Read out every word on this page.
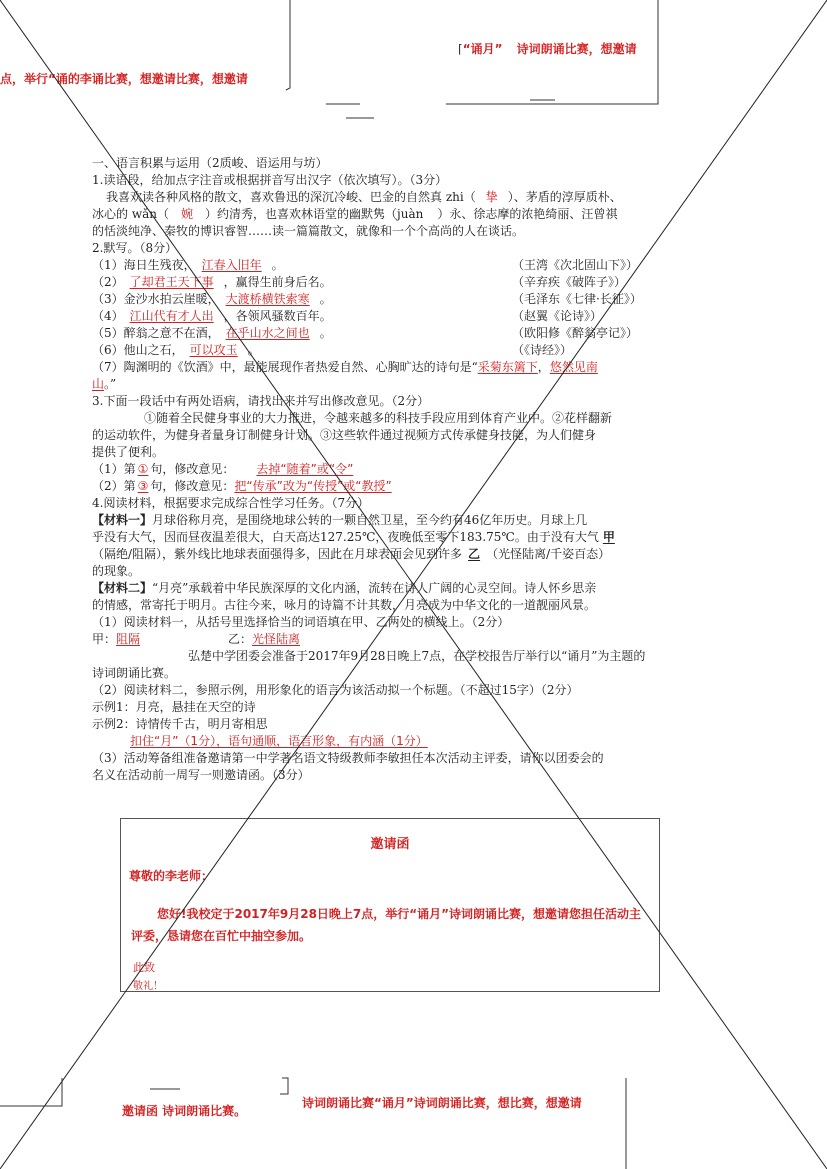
点，举行“诵的李诵比赛，想邀请比赛，想邀请
⌈“诵月” 诗词朗诵比赛，想邀请

一、语言积累与运用（2质峻、语运用与坊）

1.读语段，给加点字注音或根据拼音写出汉字（依次填写）。（3分）

我喜欢读各种风格的散文，喜欢鲁迅的深沉冷峻、巴金的自然真 zhi（ 挚 ）、茅盾的淳厚质朴、

冰心的 wǎn（ 婉 ）约清秀，也喜欢林语堂的幽默隽（juàn ）永、徐志摩的浓艳绮丽、汪曾祺

的恬淡纯净、秦牧的博识睿智……读一篇篇散文，就像和一个个高尚的人在谈话。

2.默写。（8分）

（1）海日生残夜， 江春入旧年 。	（王湾《次北固山下》）

（2） 了却君王天下事 ，赢得生前身后名。	（辛弃疾《破阵子》）

（3）金沙水拍云崖暖， 大渡桥横铁索寒 。	（毛泽东《七律·长征》）

（4） 江山代有才人出 ，各领风骚数百年。	（赵翼《论诗》）

（5）醉翁之意不在酒， 在乎山水之间也 。	（欧阳修《醉翁亭记》）

（6）他山之石， 可以攻玉 。	（《诗经》）

（7）陶渊明的《饮酒》中，最能展现作者热爱自然、心胸旷达的诗句是“采菊东篱下，悠然见南

山。”

3.下面一段话中有两处语病，请找出来并写出修改意见。（2分）

①随着全民健身事业的大力推进，令越来越多的科技手段应用到体育产业中。②花样翻新

的运动软件，为健身者量身订制健身计划。③这些软件通过视频方式传承健身技能，为人们健身

提供了便利。

（1）第 ① 句，修改意见： 去掉“随着”或“令”

（2）第 ③ 句，修改意见：把“传承”改为“传授”或“教授”

4.阅读材料，根据要求完成综合性学习任务。（7分）

【材料一】月球俗称月亮，是围绕地球公转的一颗自然卫星，至今约有46亿年历史。月球上几

乎没有大气，因而昼夜温差很大，白天高达127.25℃，夜晚低至零下183.75℃。由于没有大气 甲

（隔绝/阻隔），紫外线比地球表面强得多，因此在月球表面会见到许多 乙 （光怪陆离/千姿百态）

的现象。

【材料二】“月亮”承载着中华民族深厚的文化内涵，流转在诗人广阔的心灵空间。诗人怀乡思亲

的情感，常寄托于明月。古往今来，咏月的诗篇不计其数，月亮成为中华文化的一道靓丽风景。

（1）阅读材料一，从括号里选择恰当的词语填在甲、乙两处的横线上。（2分）

甲：阻隔	乙：光怪陆离

弘楚中学团委会准备于2017年9月28日晚上7点，在学校报告厅举行以“诵月”为主题的

诗词朗诵比赛。

（2）阅读材料二，参照示例，用形象化的语言为该活动拟一个标题。（不超过15字）（2分）

示例1：月亮，悬挂在天空的诗

示例2：诗情传千古，明月寄相思

扣住“月”（1分），语句通顺，语言形象，有内涵（1分）

（3）活动筹备组准备邀请第一中学著名语文特级教师李敏担任本次活动主评委，请你以团委会的

名义在活动前一周写一则邀请函。（3分）

邀请函
尊敬的李老师：
您好!我校定于2017年9月28日晚上7点，举行“诵月”诗词朗诵比赛，想邀请您担任活动主评委，恳请您在百忙中抽空参加。
此致
敬礼！
邀请函 诗词朗诵比赛。
诗词朗诵比赛“诵月”诗词朗诵比赛，想比赛，想邀请
